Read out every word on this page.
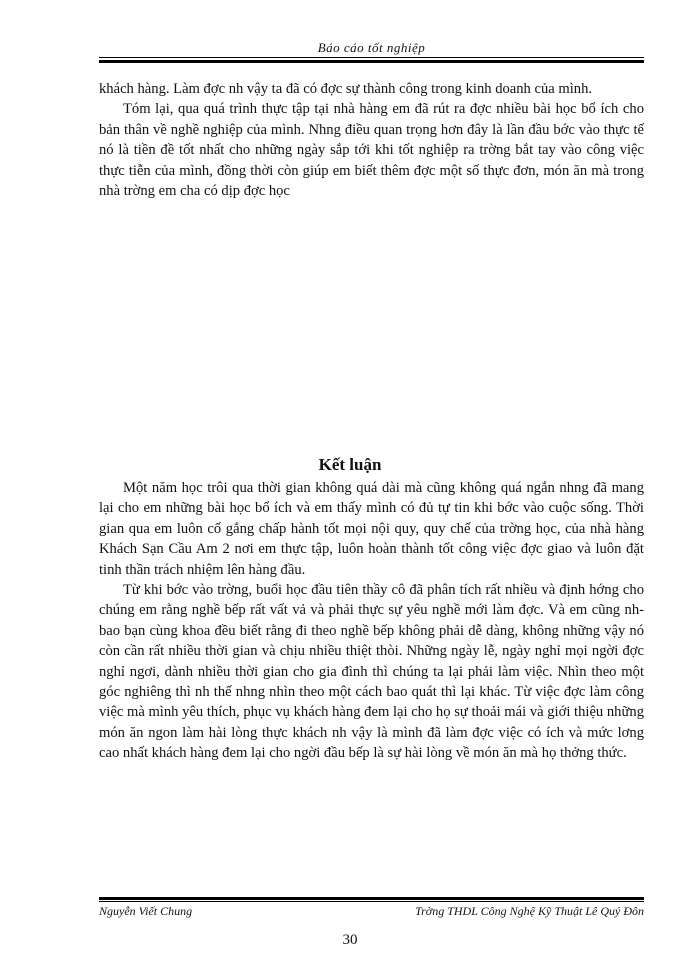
Báo cáo tốt nghiệp

khách hàng. Làm đợc nh vậy ta đã có đợc sự thành công trong kinh doanh của mình.

Tóm lại, qua quá trình thực tập tại nhà hàng em đã rút ra đợc nhiều bài học bổ ích cho bản thân về nghề nghiệp của mình. Nhng điều quan trọng hơn đây là lần đầu bớc vào thực tế nó là tiền đề tốt nhất cho những ngày sắp tới khi tốt nghiệp ra trờng bắt tay vào công việc thực tiễn của mình, đồng thời còn giúp em biết thêm đợc một số thực đơn, món ăn mà trong nhà trờng em cha có dịp đợc học

Kết luận

Một năm học trôi qua thời gian không quá dài mà cũng không quá ngắn nhng đã mang lại cho em những bài học bổ ích và em thấy mình có đủ tự tin khi bớc vào cuộc sống. Thời gian qua em luôn cố gắng chấp hành tốt mọi nội quy, quy chế của trờng học, của nhà hàng Khách Sạn Cầu Am 2 nơi em thực tập, luôn hoàn thành tốt công việc đợc giao và luôn đặt tinh thần trách nhiệm lên hàng đầu.

Từ khi bớc vào trờng, buổi học đầu tiên thầy cô đã phân tích rất nhiều và định hớng cho chúng em rằng nghề bếp rất vất vả và phải thực sự yêu nghề mới làm đợc. Và em cũng nh bao bạn cùng khoa đều biết rằng đi theo nghề bếp không phải dễ dàng, không những vậy nó còn cần rất nhiều thời gian và chịu nhiều thiệt thòi. Những ngày lễ, ngày nghỉ mọi ngời đợc nghỉ ngơi, dành nhiều thời gian cho gia đình thì chúng ta lại phải làm việc. Nhìn theo một góc nghiêng thì nh thế nhng nhìn theo một cách bao quát thì lại khác. Từ việc đợc làm công việc mà mình yêu thích, phục vụ khách hàng đem lại cho họ sự thoải mái và giới thiệu những món ăn ngon làm hài lòng thực khách nh vậy là mình đã làm đợc việc có ích và mức lơng cao nhất khách hàng đem lại cho ngời đầu bếp là sự hài lòng về món ăn mà họ thởng thức.

Nguyễn Viết Chung	Trờng THDL Công Nghệ Kỹ Thuật Lê Quý Đôn
30
